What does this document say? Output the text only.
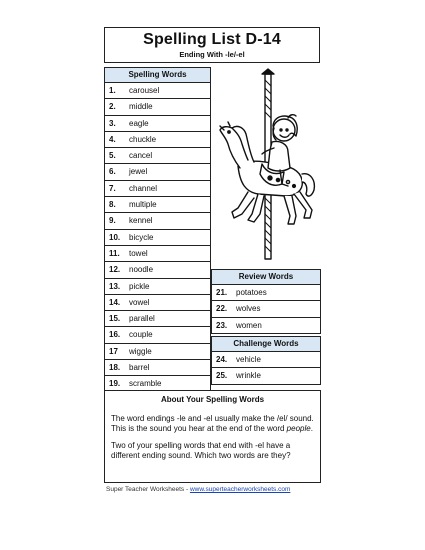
Spelling List D-14
Ending With -le/-el
Spelling Words
1. carousel
2. middle
3. eagle
4. chuckle
5. cancel
6. jewel
7. channel
8. multiple
9. kennel
10. bicycle
11. towel
12. noodle
13. pickle
14. vowel
15. parallel
16. couple
17 wiggle
18. barrel
19. scramble
Review Words
21. potatoes
22. wolves
23. women
Challenge Words
24. vehicle
25. wrinkle
About Your Spelling Words
The word endings -le and -el usually make the /el/ sound. This is the sound you hear at the end of the word people.
Two of your spelling words that end with -el have a different ending sound. Which two words are they?
Super Teacher Worksheets - www.superteacherworksheets.com
